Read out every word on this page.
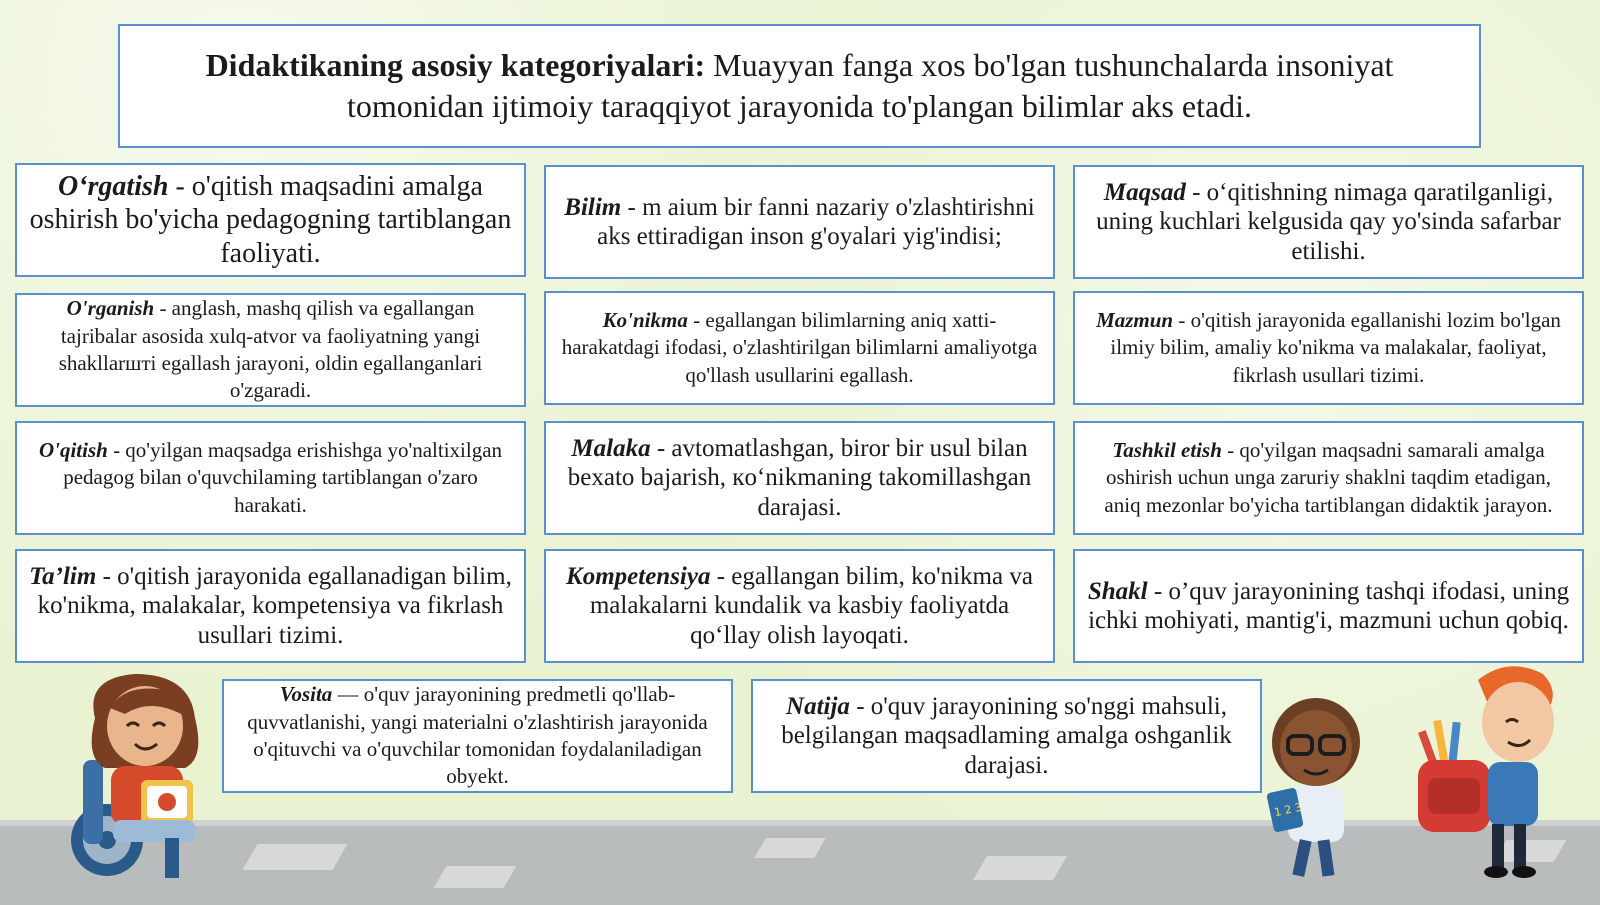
Didaktikaning asosiy kategoriyalari: Muayyan fanga xos bo'lgan tushunchalarda insoniyat tomonidan ijtimoiy taraqqiyot jarayonida to'plangan bilimlar aks etadi.
O‘rgatish - o'qitish maqsadini amalga oshirish bo'yicha pedagogning tartiblangan faoliyati.
Bilim - m aium bir fanni nazariy o'zlashtirishni aks ettiradigan inson g'oyalari yig'indisi;
Maqsad - o‘qitishning nimaga qaratilganligi, uning kuchlari kelgusida qay yo'sinda safarbar etilishi.
O'rganish - anglash, mashq qilish va egallangan tajribalar asosida xulq-atvor va faoliyatning yangi shakllarшті egallash jarayoni, oldin egallanganlari o'zgaradi.
Ko'nikma - egallangan bilimlarning aniq xatti-harakatdagi ifodasi, o'zlashtirilgan bilimlarni amaliyotga qo'llash usullarini egallash.
Mazmun - o'qitish jarayonida egallanishi lozim bo'lgan ilmiy bilim, amaliy ko'nikma va malakalar, faoliyat, fikrlash usullari tizimi.
O'qitish - qo'yilgan maqsadga erishishga yo'naltixilgan pedagog bilan o'quvchilaming tartiblangan o'zaro harakati.
Malaka - avtomatlashgan, biror bir usul bilan bexato bajarish, кo‘nikmaning takomillashgan darajasi.
Tashkil etish - qo'yilgan maqsadni samarali amalga oshirish uchun unga zaruriy shaklni taqdim etadigan, aniq mezonlar bo'yicha tartiblangan didaktik jarayon.
Ta’lim - o'qitish jarayonida egallanadigan bilim, ko'nikma, malakalar, kompetensiya va fikrlash usullari tizimi.
Kompetensiya - egallangan bilim, ko'nikma va malakalarni kundalik va kasbiy faoliyatda qo‘llay olish layoqati.
Shakl - o’quv jarayonining tashqi ifodasi, uning ichki mohiyati, mantig'i, mazmuni uchun qobiq.
Vosita — o'quv jarayonining predmetli qo'llab-quvvatlanishi, yangi materialni o'zlashtirish jarayonida o'qituvchi va o'quvchilar tomonidan foydalaniladigan obyekt.
Natija - o'quv jarayonining so'nggi mahsuli, belgilangan maqsadlaming amalga oshganlik darajasi.
1 2 3
